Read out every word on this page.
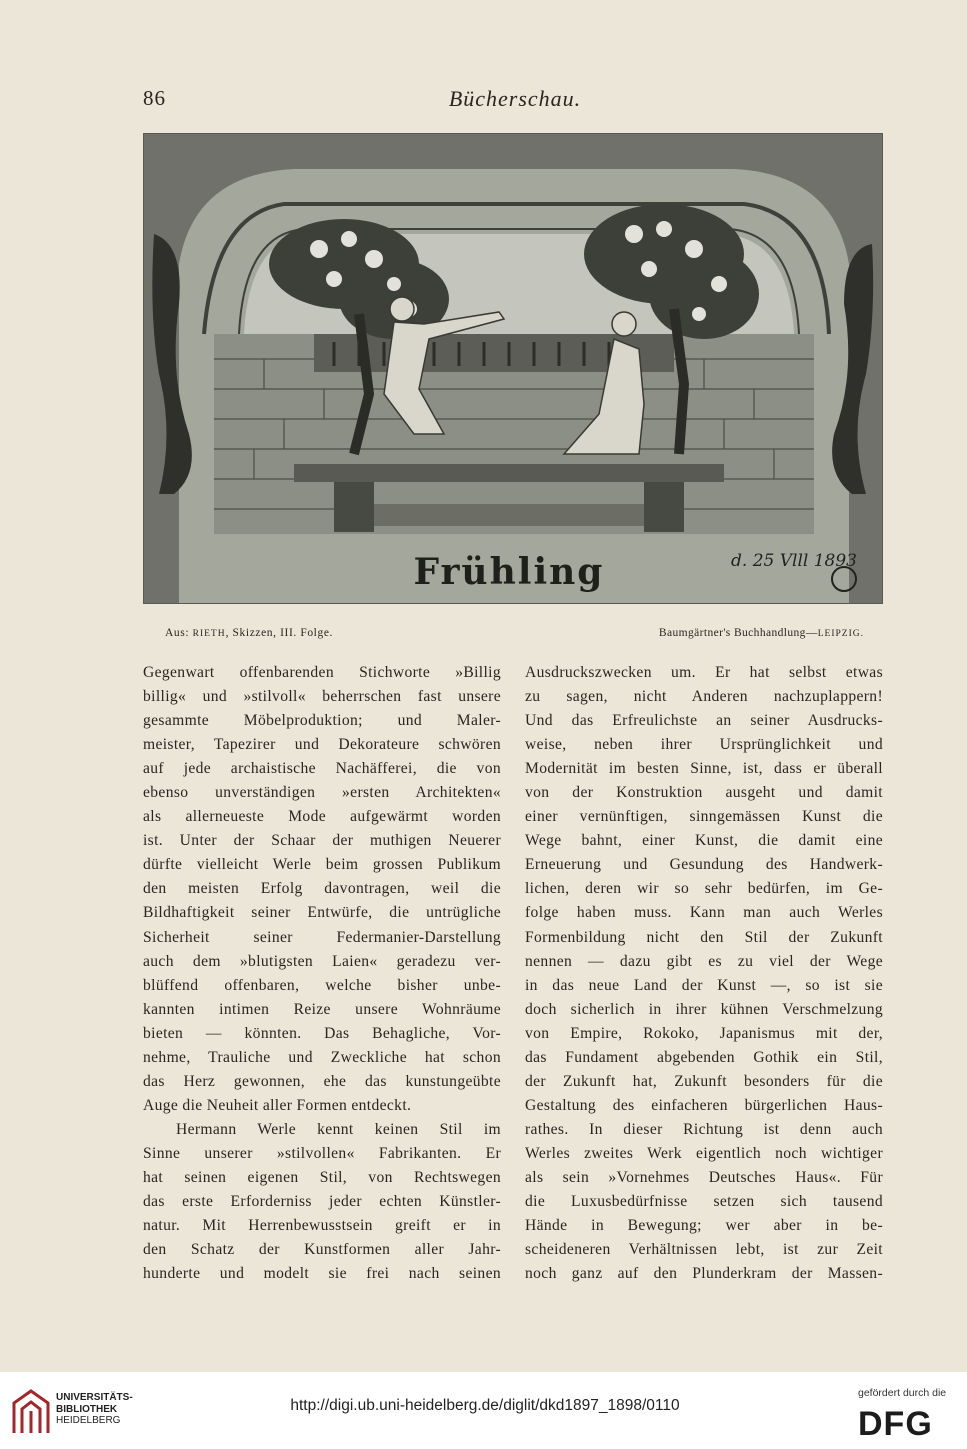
86	Bücherschau.
Frühling	d. 25 Vlll 1893
Aus: RIETH, Skizzen, III. Folge.	Baumgärtner's Buchhandlung—LEIPZIG.
Gegenwart offenbarenden Stichworte »Billig
billig« und »stilvoll« beherrschen fast unsere
gesammte Möbelproduktion; und Maler-
meister, Tapezirer und Dekorateure schwören
auf jede archaistische Nachäfferei, die von
ebenso unverständigen »ersten Architekten«
als allerneueste Mode aufgewärmt worden
ist. Unter der Schaar der muthigen Neuerer
dürfte vielleicht Werle beim grossen Publikum
den meisten Erfolg davontragen, weil die
Bildhaftigkeit seiner Entwürfe, die untrügliche
Sicherheit seiner Federmanier-Darstellung
auch dem »blutigsten Laien« geradezu ver-
blüffend offenbaren, welche bisher unbe-
kannten intimen Reize unsere Wohnräume
bieten — könnten. Das Behagliche, Vor-
nehme, Trauliche und Zweckliche hat schon
das Herz gewonnen, ehe das kunstungeübte
Auge die Neuheit aller Formen entdeckt.
Hermann Werle kennt keinen Stil im
Sinne unserer »stilvollen« Fabrikanten. Er
hat seinen eigenen Stil, von Rechtswegen
das erste Erforderniss jeder echten Künstler-
natur. Mit Herrenbewusstsein greift er in
den Schatz der Kunstformen aller Jahr-
hunderte und modelt sie frei nach seinen
Ausdruckszwecken um. Er hat selbst etwas
zu sagen, nicht Anderen nachzuplappern!
Und das Erfreulichste an seiner Ausdrucks-
weise, neben ihrer Ursprünglichkeit und
Modernität im besten Sinne, ist, dass er überall
von der Konstruktion ausgeht und damit
einer vernünftigen, sinngemässen Kunst die
Wege bahnt, einer Kunst, die damit eine
Erneuerung und Gesundung des Handwerk-
lichen, deren wir so sehr bedürfen, im Ge-
folge haben muss. Kann man auch Werles
Formenbildung nicht den Stil der Zukunft
nennen — dazu gibt es zu viel der Wege
in das neue Land der Kunst —, so ist sie
doch sicherlich in ihrer kühnen Verschmelzung
von Empire, Rokoko, Japanismus mit der,
das Fundament abgebenden Gothik ein Stil,
der Zukunft hat, Zukunft besonders für die
Gestaltung des einfacheren bürgerlichen Haus-
rathes. In dieser Richtung ist denn auch
Werles zweites Werk eigentlich noch wichtiger
als sein »Vornehmes Deutsches Haus«. Für
die Luxusbedürfnisse setzen sich tausend
Hände in Bewegung; wer aber in be-
scheideneren Verhältnissen lebt, ist zur Zeit
noch ganz auf den Plunderkram der Massen-
UNIVERSITÄTS-
BIBLIOTHEK
HEIDELBERG
http://digi.ub.uni-heidelberg.de/diglit/dkd1897_1898/0110
gefördert durch die
DFG
